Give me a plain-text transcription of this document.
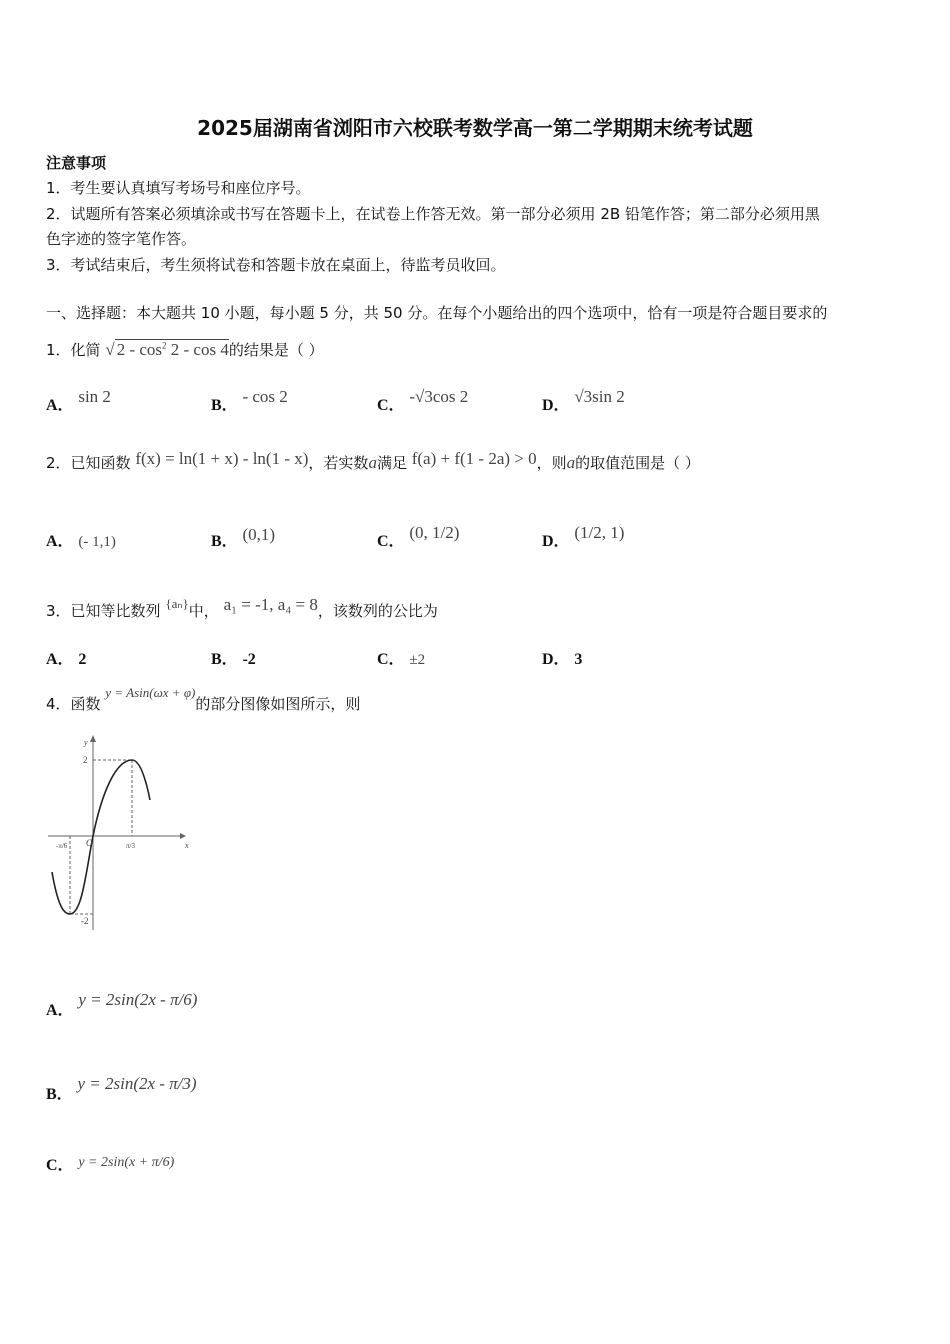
2025届湖南省浏阳市六校联考数学高一第二学期期末统考试题
注意事项
1．考生要认真填写考场号和座位序号。
2．试题所有答案必须填涂或书写在答题卡上，在试卷上作答无效。第一部分必须用 2B 铅笔作答；第二部分必须用黑
色字迹的签字笔作答。
3．考试结束后，考生须将试卷和答题卡放在桌面上，待监考员收回。
一、选择题：本大题共 10 小题，每小题 5 分，共 50 分。在每个小题给出的四个选项中，恰有一项是符合题目要求的
1．化简 √ $2 - \cos^2 2$ - cos 4的结果是（ ）
A． sin 2	B． - cos 2	C． -√3cos 2	D． √3sin 2
2．已知函数 f(x) = ln(1 + x) - ln(1 - x)，若实数a满足 f(a) + f(1 - 2a) > 0，则a的取值范围是（ ）
A． (- 1,1)	B． (0,1)	C． (0, 1/2)	D． (1/2, 1)
3．已知等比数列 {aₙ}中， a₁ = -1, a₄ = 8，该数列的公比为
A． 2	B． -2	C． ±2	D． 3
4．函数 y = Asin(ωx + φ)的部分图像如图所示，则
y
x
2
-2
O
-π/6	π/3
A． y = 2sin(2x - π/6)
B． y = 2sin(2x - π/3)
C． y = 2sin(x + π/6)
